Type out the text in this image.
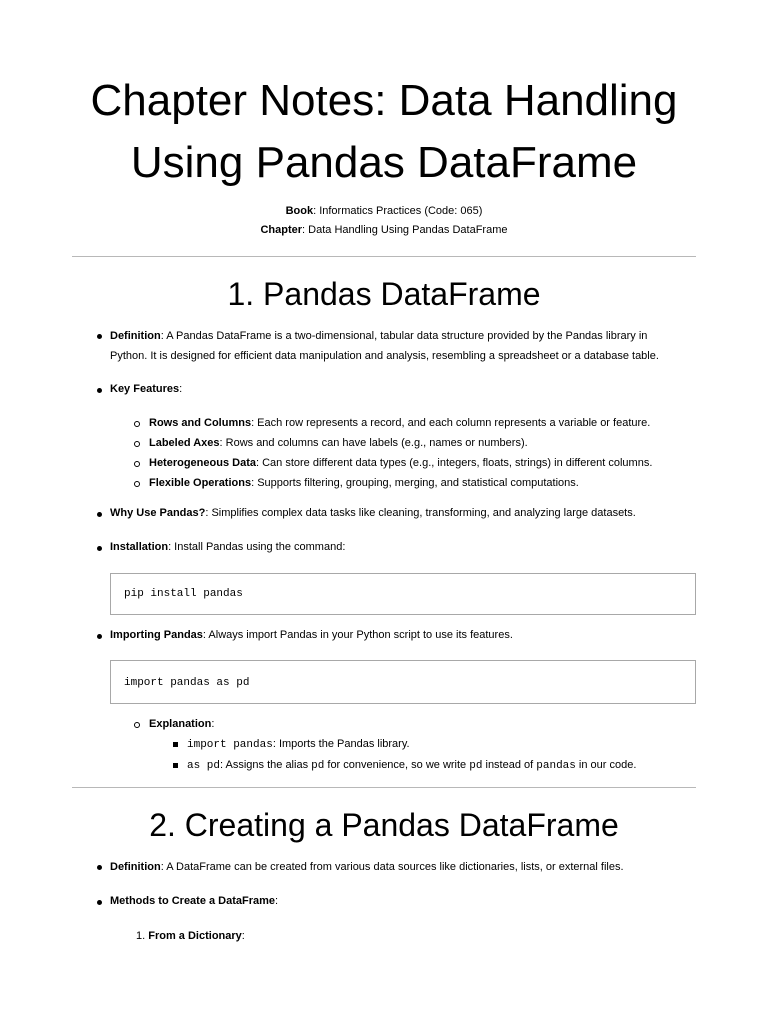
Chapter Notes: Data Handling
Using Pandas DataFrame
Book: Informatics Practices (Code: 065)
Chapter: Data Handling Using Pandas DataFrame
1. Pandas DataFrame
Definition: A Pandas DataFrame is a two-dimensional, tabular data structure provided by the Pandas library in
Python. It is designed for efficient data manipulation and analysis, resembling a spreadsheet or a database table.
Key Features:
Rows and Columns: Each row represents a record, and each column represents a variable or feature.
Labeled Axes: Rows and columns can have labels (e.g., names or numbers).
Heterogeneous Data: Can store different data types (e.g., integers, floats, strings) in different columns.
Flexible Operations: Supports filtering, grouping, merging, and statistical computations.
Why Use Pandas?: Simplifies complex data tasks like cleaning, transforming, and analyzing large datasets.
Installation: Install Pandas using the command:
pip install pandas
Importing Pandas: Always import Pandas in your Python script to use its features.
import pandas as pd
Explanation:
import pandas: Imports the Pandas library.
as pd: Assigns the alias pd for convenience, so we write pd instead of pandas in our code.
2. Creating a Pandas DataFrame
Definition: A DataFrame can be created from various data sources like dictionaries, lists, or external files.
Methods to Create a DataFrame:
1. From a Dictionary:
